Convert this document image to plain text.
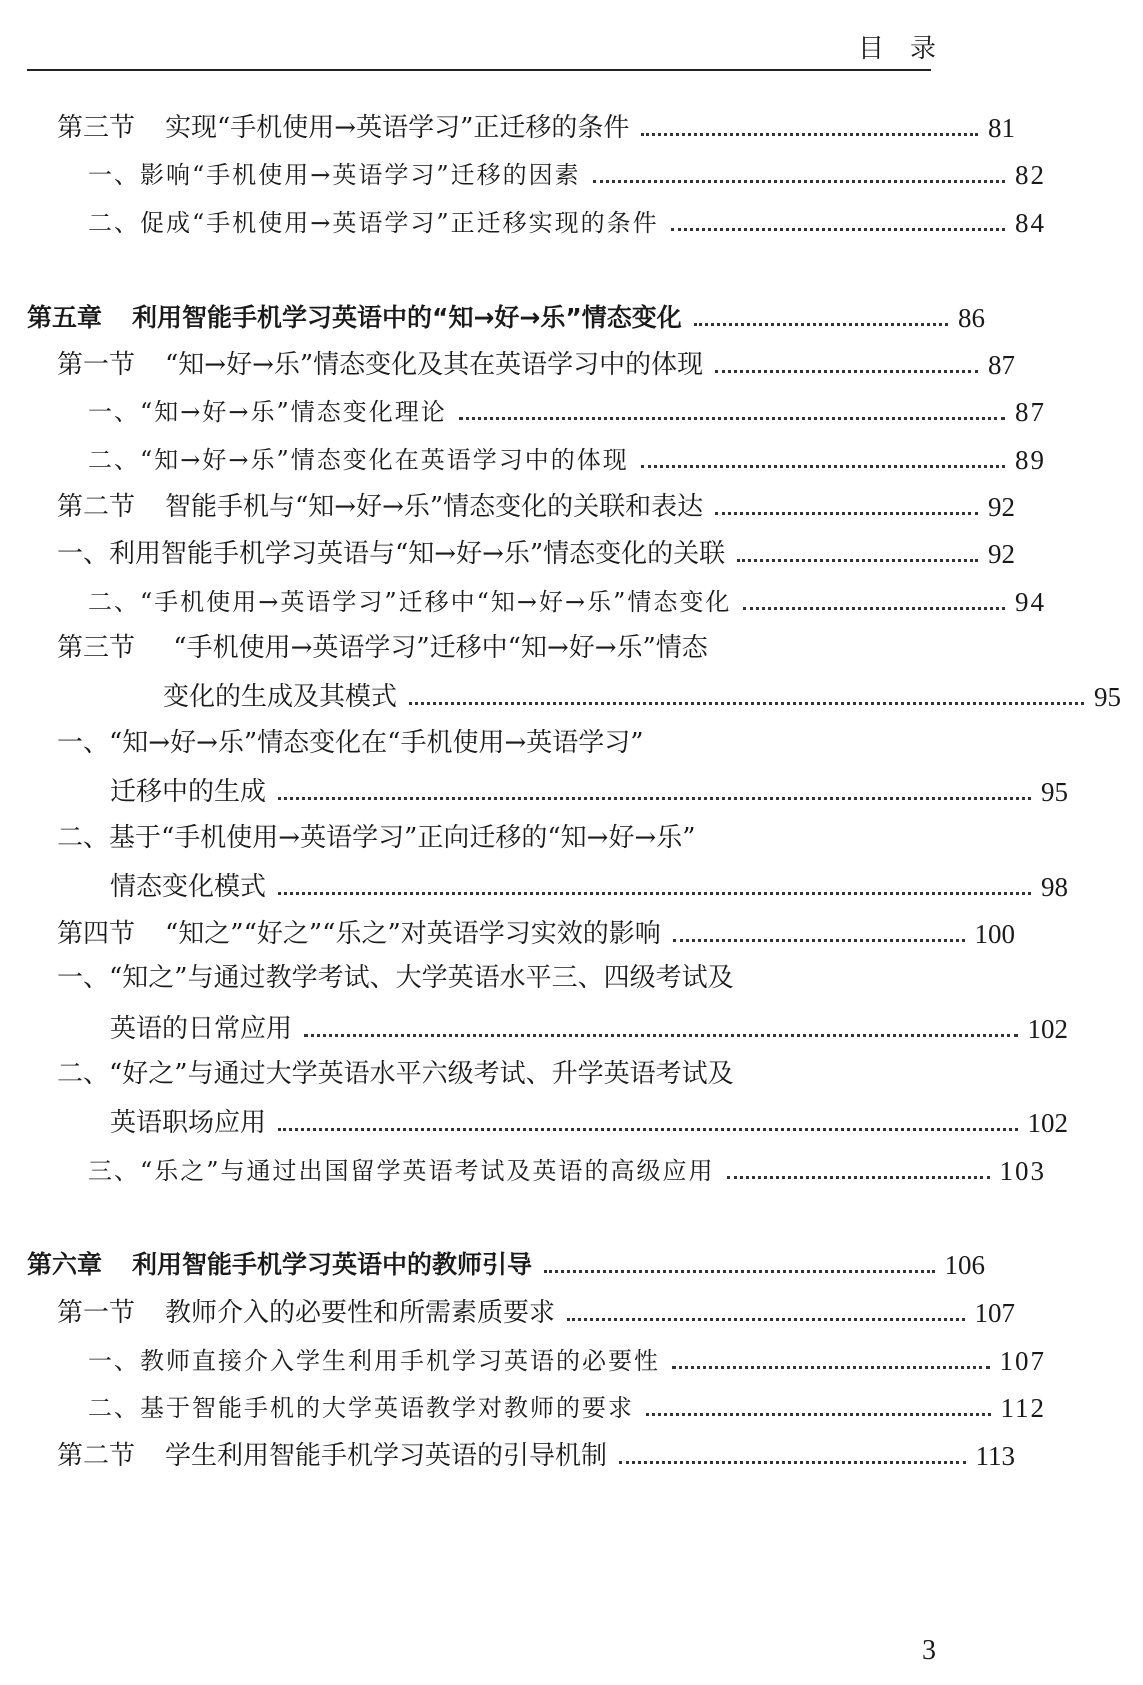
目录
第三节 实现“手机使用→英语学习”正迁移的条件	81
一、影响“手机使用→英语学习”迁移的因素	82
二、促成“手机使用→英语学习”正迁移实现的条件	84
第五章 利用智能手机学习英语中的“知→好→乐”情态变化	86
第一节 “知→好→乐”情态变化及其在英语学习中的体现	87
一、“知→好→乐”情态变化理论	87
二、“知→好→乐”情态变化在英语学习中的体现	89
第二节 智能手机与“知→好→乐”情态变化的关联和表达	92
一、利用智能手机学习英语与“知→好→乐”情态变化的关联	92
二、“手机使用→英语学习”迁移中“知→好→乐”情态变化	94
第三节 “手机使用→英语学习”迁移中“知→好→乐”情态
变化的生成及其模式	95
一、“知→好→乐”情态变化在“手机使用→英语学习”
迁移中的生成	95
二、基于“手机使用→英语学习”正向迁移的“知→好→乐”
情态变化模式	98
第四节 “知之”“好之”“乐之”对英语学习实效的影响	100
一、“知之”与通过教学考试、大学英语水平三、四级考试及
英语的日常应用	102
二、“好之”与通过大学英语水平六级考试、升学英语考试及
英语职场应用	102
三、“乐之”与通过出国留学英语考试及英语的高级应用	103
第六章 利用智能手机学习英语中的教师引导	106
第一节 教师介入的必要性和所需素质要求	107
一、教师直接介入学生利用手机学习英语的必要性	107
二、基于智能手机的大学英语教学对教师的要求	112
第二节 学生利用智能手机学习英语的引导机制	113
3
